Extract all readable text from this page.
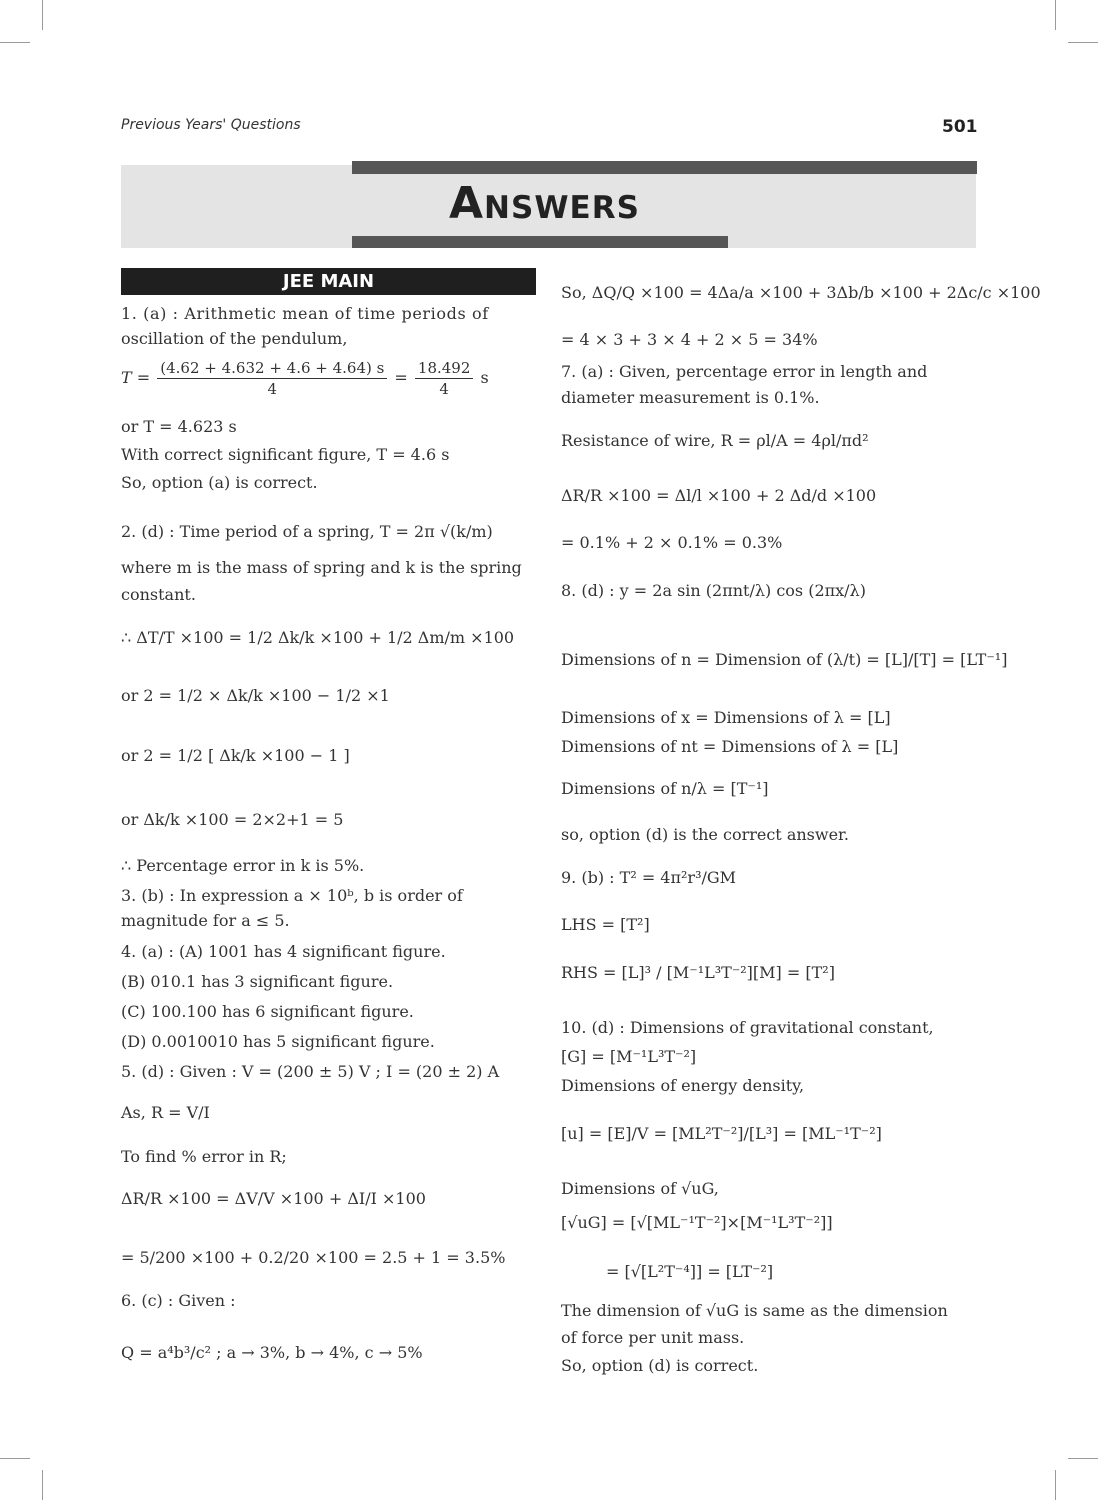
Previous Years' Questions	501
Answers
JEE MAIN
1. (a) : Arithmetic mean of time periods of
oscillation of the pendulum,
$T = \frac{(4.62 + 4.632 + 4.6 + 4.64) s}{4} = \frac{18.492}{4}$ s
or T = 4.623 s
With correct significant figure, T = 4.6 s
So, option (a) is correct.
2. (d) : Time period of a spring, T = 2π √(k/m)
where m is the mass of spring and k is the spring
constant.
∴ ΔT/T ×100 = 1/2 Δk/k ×100 + 1/2 Δm/m ×100
or 2 = 1/2 × Δk/k ×100 − 1/2 ×1
or 2 = 1/2 [ Δk/k ×100 − 1 ]
or Δk/k ×100 = 2×2+1 = 5
∴ Percentage error in k is 5%.
3. (b) : In expression a × 10ᵇ, b is order of
magnitude for a ≤ 5.
4. (a) : (A) 1001 has 4 significant figure.
(B) 010.1 has 3 significant figure.
(C) 100.100 has 6 significant figure.
(D) 0.0010010 has 5 significant figure.
5. (d) : Given : V = (200 ± 5) V ; I = (20 ± 2) A
As, R = V/I
To find % error in R;
ΔR/R ×100 = ΔV/V ×100 + ΔI/I ×100
= 5/200 ×100 + 0.2/20 ×100 = 2.5 + 1 = 3.5%
6. (c) : Given :
Q = a⁴b³/c² ; a → 3%, b → 4%, c → 5%
So, ΔQ/Q ×100 = 4Δa/a ×100 + 3Δb/b ×100 + 2Δc/c ×100
= 4 × 3 + 3 × 4 + 2 × 5 = 34%
7. (a) : Given, percentage error in length and
diameter measurement is 0.1%.
Resistance of wire, R = ρl/A = 4ρl/πd²
ΔR/R ×100 = Δl/l ×100 + 2 Δd/d ×100
= 0.1% + 2 × 0.1% = 0.3%
8. (d) : y = 2a sin (2πnt/λ) cos (2πx/λ)
Dimensions of n = Dimension of (λ/t) = [L]/[T] = [LT⁻¹]
Dimensions of x = Dimensions of λ = [L]
Dimensions of nt = Dimensions of λ = [L]
Dimensions of n/λ = [T⁻¹]
so, option (d) is the correct answer.
9. (b) : T² = 4π²r³/GM
LHS = [T²]
RHS = [L]³ / [M⁻¹L³T⁻²][M] = [T²]
10. (d) : Dimensions of gravitational constant,
[G] = [M⁻¹L³T⁻²]
Dimensions of energy density,
[u] = [E]/V = [ML²T⁻²]/[L³] = [ML⁻¹T⁻²]
Dimensions of √uG,
[√uG] = [√[ML⁻¹T⁻²]×[M⁻¹L³T⁻²]]
= [√[L²T⁻⁴]] = [LT⁻²]
The dimension of √uG is same as the dimension
of force per unit mass.
So, option (d) is correct.
